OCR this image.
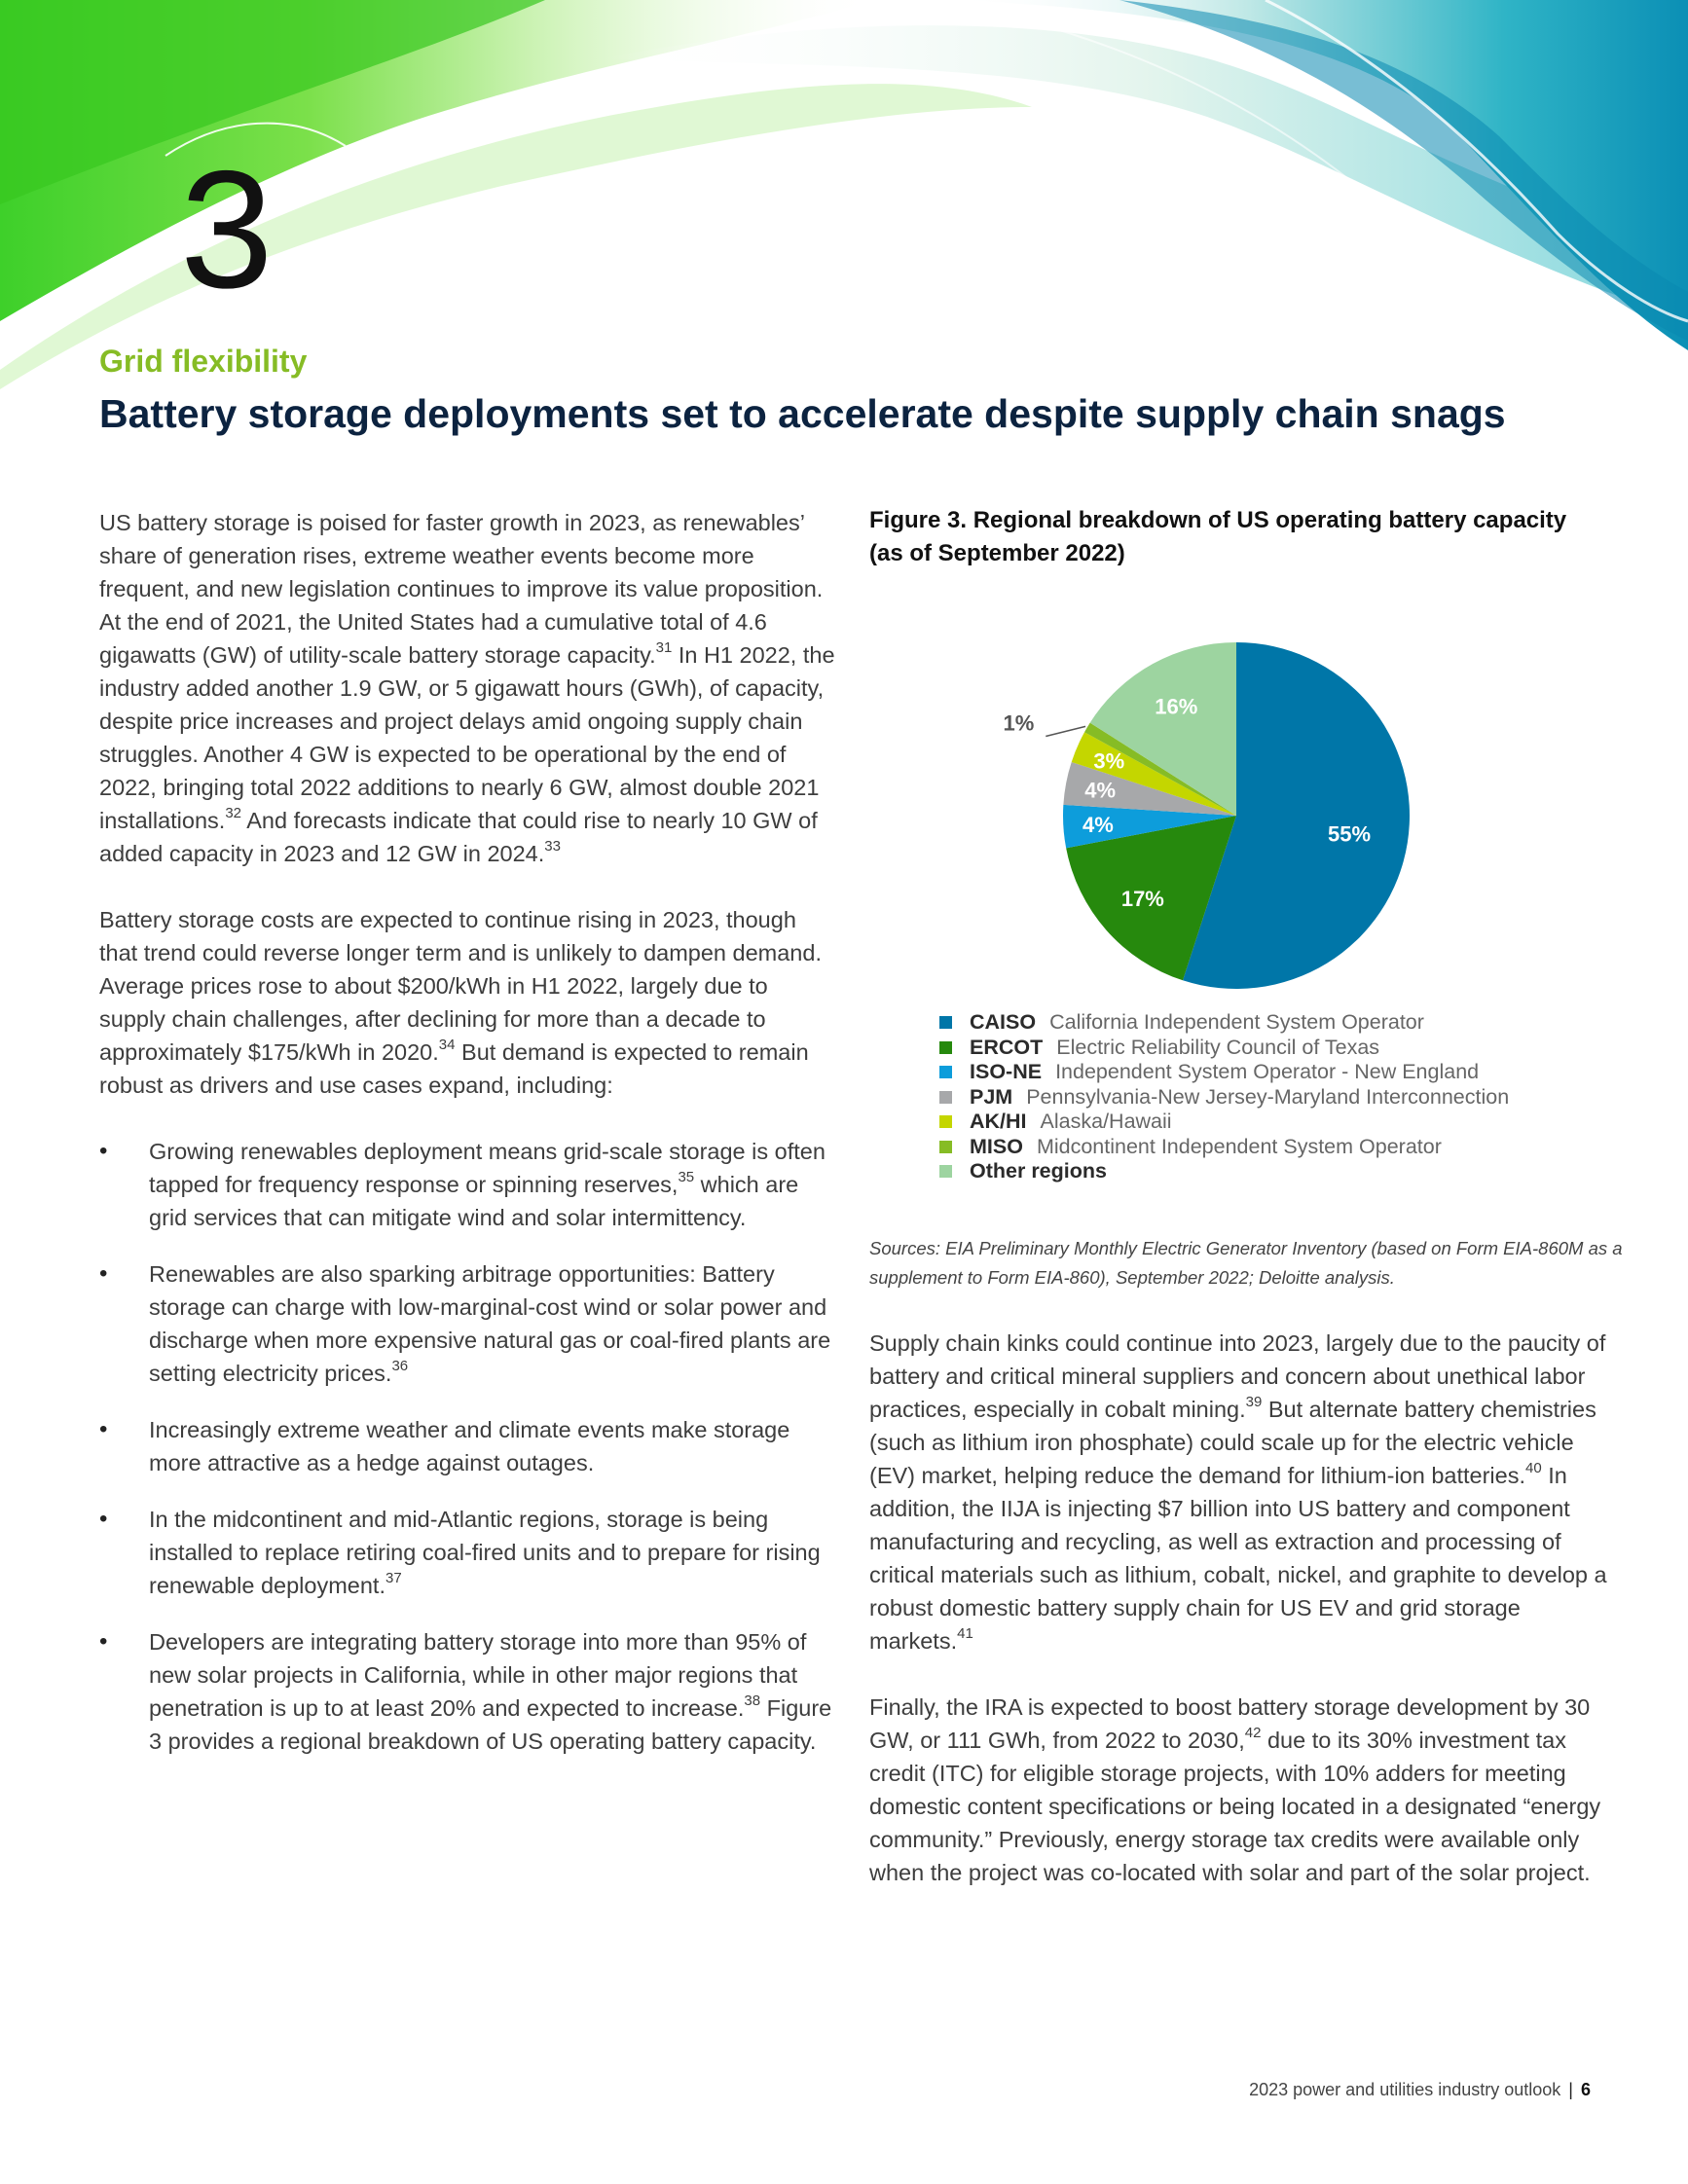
3
Grid flexibility
Battery storage deployments set to accelerate despite supply chain snags

US battery storage is poised for faster growth in 2023, as renewables’ share of generation rises, extreme weather events become more frequent, and new legislation continues to improve its value proposition. At the end of 2021, the United States had a cumulative total of 4.6 gigawatts (GW) of utility-scale battery storage capacity.$^{31}$ In H1 2022, the industry added another 1.9 GW, or 5 gigawatt hours (GWh), of capacity, despite price increases and project delays amid ongoing supply chain struggles. Another 4 GW is expected to be operational by the end of 2022, bringing total 2022 additions to nearly 6 GW, almost double 2021 installations.$^{32}$ And forecasts indicate that could rise to nearly 10 GW of added capacity in 2023 and 12 GW in 2024.33

Battery storage costs are expected to continue rising in 2023, though that trend could reverse longer term and is unlikely to dampen demand. Average prices rose to about $200/kWh in H1 2022, largely due to supply chain challenges, after declining for more than a decade to approximately $175/kWh in 2020.34 But demand is expected to remain robust as drivers and use cases expand, including:

• Growing renewables deployment means grid-scale storage is often tapped for frequency response or spinning reserves,$^{35}$ which are grid services that can mitigate wind and solar intermittency.
• Renewables are also sparking arbitrage opportunities: Battery storage can charge with low-marginal-cost wind or solar power and discharge when more expensive natural gas or coal-fired plants are setting electricity prices.$^{36}$
• Increasingly extreme weather and climate events make storage more attractive as a hedge against outages.
• In the midcontinent and mid-Atlantic regions, storage is being installed to replace retiring coal-fired units and to prepare for rising renewable deployment.$^{37}$
• Developers are integrating battery storage into more than 95% of new solar projects in California, while in other major regions that penetration is up to at least 20% and expected to increase.$^{38}$ Figure 3 provides a regional breakdown of US operating battery capacity.

Figure 3. Regional breakdown of US operating battery capacity (as of September 2022)

55%
17%
4%
4%
3%
1%
16%
CAISO California Independent System Operator
ERCOT Electric Reliability Council of Texas
ISO-NE Independent System Operator - New England
PJM Pennsylvania-New Jersey-Maryland Interconnection
AK/HI Alaska/Hawaii
MISO Midcontinent Independent System Operator
Other regions
Sources: EIA Preliminary Monthly Electric Generator Inventory (based on Form EIA-860M as a supplement to Form EIA-860), September 2022; Deloitte analysis.

Supply chain kinks could continue into 2023, largely due to the paucity of battery and critical mineral suppliers and concern about unethical labor practices, especially in cobalt mining.$^{39}$ But alternate battery chemistries (such as lithium iron phosphate) could scale up for the electric vehicle (EV) market, helping reduce the demand for lithium-ion batteries.$^{40}$ In addition, the IIJA is injecting $7 billion into US battery and component manufacturing and recycling, as well as extraction and processing of critical materials such as lithium, cobalt, nickel, and graphite to develop a robust domestic battery supply chain for US EV and grid storage markets.$^{41}$

Finally, the IRA is expected to boost battery storage development by 30 GW, or 111 GWh, from 2022 to 2030,42 due to its 30% investment tax credit (ITC) for eligible storage projects, with 10% adders for meeting domestic content specifications or being located in a designated “energy community.” Previously, energy storage tax credits were available only when the project was co-located with solar and part of the solar project.

2023 power and utilities industry outlook | 6
